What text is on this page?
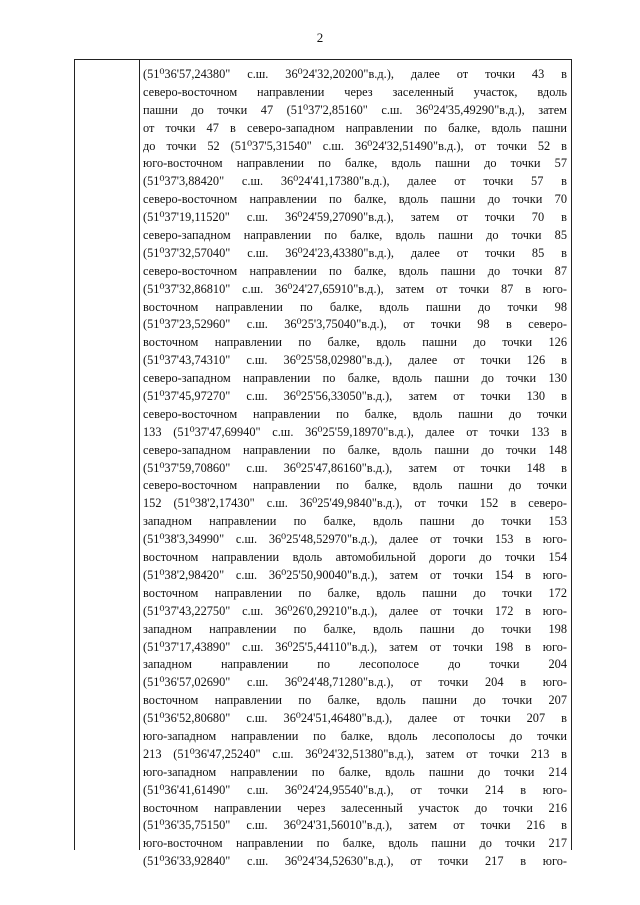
2
(51⁰36'57,24380" с.ш. 36⁰24'32,20200"в.д.), далее от точки 43 в
северо-восточном направлении через заселенный участок, вдоль
пашни до точки 47 (51⁰37'2,85160" с.ш. 36⁰24'35,49290"в.д.), затем
от точки 47 в северо-западном направлении по балке, вдоль пашни
до точки 52 (51⁰37'5,31540" с.ш. 36⁰24'32,51490"в.д.), от точки 52 в
юго-восточном направлении по балке, вдоль пашни до точки 57
(51⁰37'3,88420" с.ш. 36⁰24'41,17380"в.д.), далее от точки 57 в
северо-восточном направлении по балке, вдоль пашни до точки 70
(51⁰37'19,11520" с.ш. 36⁰24'59,27090"в.д.), затем от точки 70 в
северо-западном направлении по балке, вдоль пашни до точки 85
(51⁰37'32,57040" с.ш. 36⁰24'23,43380"в.д.), далее от точки 85 в
северо-восточном направлении по балке, вдоль пашни до точки 87
(51⁰37'32,86810" с.ш. 36⁰24'27,65910"в.д.), затем от точки 87 в юго-
восточном направлении по балке, вдоль пашни до точки 98
(51⁰37'23,52960" с.ш. 36⁰25'3,75040"в.д.), от точки 98 в северо-
восточном направлении по балке, вдоль пашни до точки 126
(51⁰37'43,74310" с.ш. 36⁰25'58,02980"в.д.), далее от точки 126 в
северо-западном направлении по балке, вдоль пашни до точки 130
(51⁰37'45,97270" с.ш. 36⁰25'56,33050"в.д.), затем от точки 130 в
северо-восточном направлении по балке, вдоль пашни до точки
133 (51⁰37'47,69940" с.ш. 36⁰25'59,18970"в.д.), далее от точки 133 в
северо-западном направлении по балке, вдоль пашни до точки 148
(51⁰37'59,70860" с.ш. 36⁰25'47,86160"в.д.), затем от точки 148 в
северо-восточном направлении по балке, вдоль пашни до точки
152 (51⁰38'2,17430" с.ш. 36⁰25'49,9840"в.д.), от точки 152 в северо-
западном направлении по балке, вдоль пашни до точки 153
(51⁰38'3,34990" с.ш. 36⁰25'48,52970"в.д.), далее от точки 153 в юго-
восточном направлении вдоль автомобильной дороги до точки 154
(51⁰38'2,98420" с.ш. 36⁰25'50,90040"в.д.), затем от точки 154 в юго-
восточном направлении по балке, вдоль пашни до точки 172
(51⁰37'43,22750" с.ш. 36⁰26'0,29210"в.д.), далее от точки 172 в юго-
западном направлении по балке, вдоль пашни до точки 198
(51⁰37'17,43890" с.ш. 36⁰25'5,44110"в.д.), затем от точки 198 в юго-
западном направлении по лесополосе до точки 204
(51⁰36'57,02690" с.ш. 36⁰24'48,71280"в.д.), от точки 204 в юго-
восточном направлении по балке, вдоль пашни до точки 207
(51⁰36'52,80680" с.ш. 36⁰24'51,46480"в.д.), далее от точки 207 в
юго-западном направлении по балке, вдоль лесополосы до точки
213 (51⁰36'47,25240" с.ш. 36⁰24'32,51380"в.д.), затем от точки 213 в
юго-западном направлении по балке, вдоль пашни до точки 214
(51⁰36'41,61490" с.ш. 36⁰24'24,95540"в.д.), от точки 214 в юго-
восточном направлении через залесенный участок до точки 216
(51⁰36'35,75150" с.ш. 36⁰24'31,56010"в.д.), затем от точки 216 в
юго-восточном направлении по балке, вдоль пашни до точки 217
(51⁰36'33,92840" с.ш. 36⁰24'34,52630"в.д.), от точки 217 в юго-
